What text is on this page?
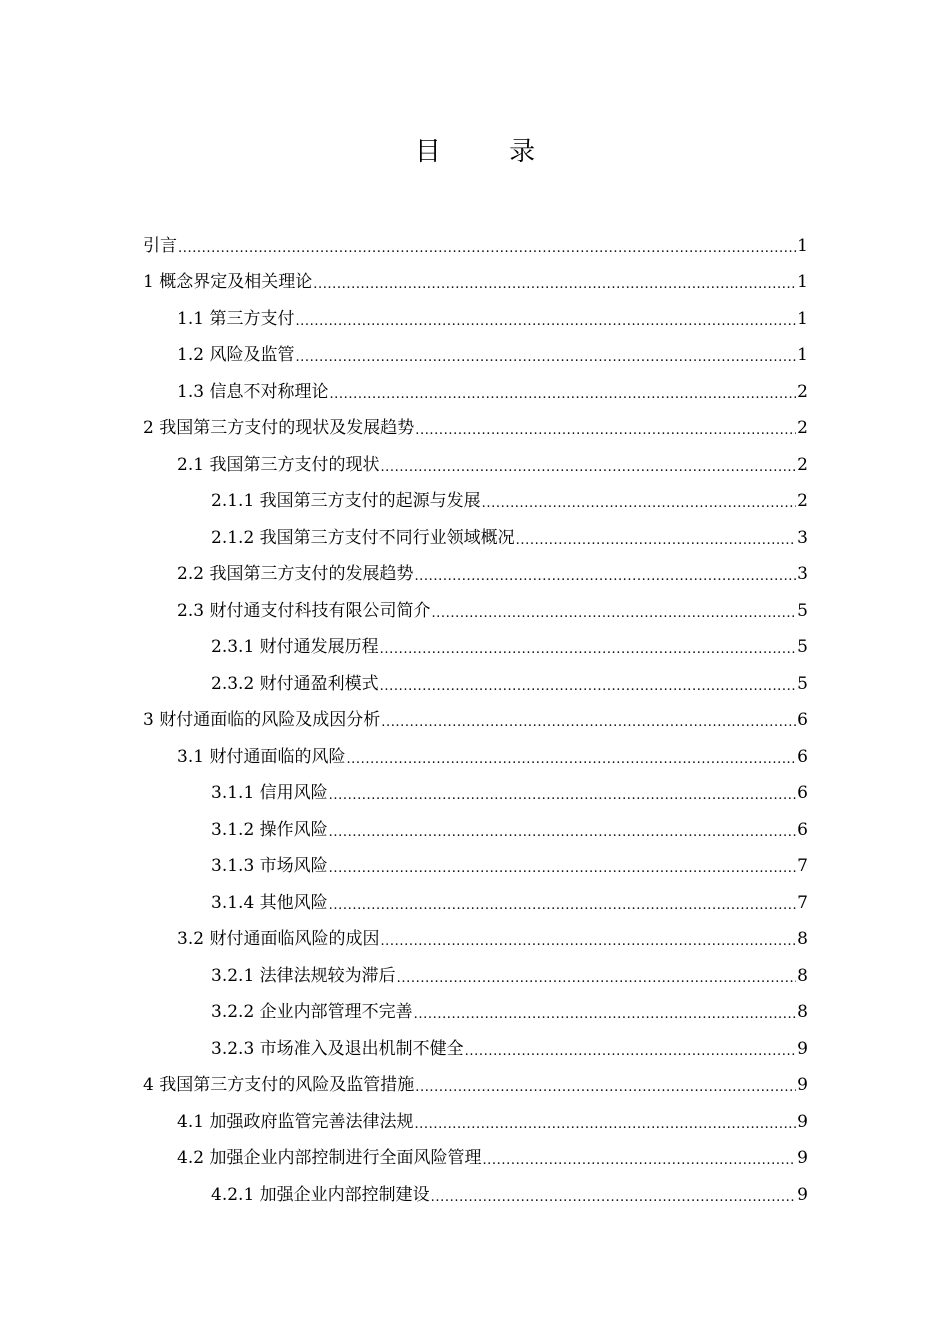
目 录
引言 .....	1
1 概念界定及相关理论 .....	1
1.1 第三方支付 .....	1
1.2 风险及监管 .....	1
1.3 信息不对称理论 .....	2
2 我国第三方支付的现状及发展趋势 .....	2
2.1 我国第三方支付的现状 .....	2
2.1.1 我国第三方支付的起源与发展 .....	2
2.1.2 我国第三方支付不同行业领域概况 .....	3
2.2 我国第三方支付的发展趋势 .....	3
2.3 财付通支付科技有限公司简介 .....	5
2.3.1 财付通发展历程 .....	5
2.3.2 财付通盈利模式 .....	5
3 财付通面临的风险及成因分析 .....	6
3.1 财付通面临的风险 .....	6
3.1.1 信用风险 .....	6
3.1.2 操作风险 .....	6
3.1.3 市场风险 .....	7
3.1.4 其他风险 .....	7
3.2 财付通面临风险的成因 .....	8
3.2.1 法律法规较为滞后 .....	8
3.2.2 企业内部管理不完善 .....	8
3.2.3 市场准入及退出机制不健全 .....	9
4 我国第三方支付的风险及监管措施 .....	9
4.1 加强政府监管完善法律法规 .....	9
4.2 加强企业内部控制进行全面风险管理 .....	9
4.2.1 加强企业内部控制建设 .....	9
